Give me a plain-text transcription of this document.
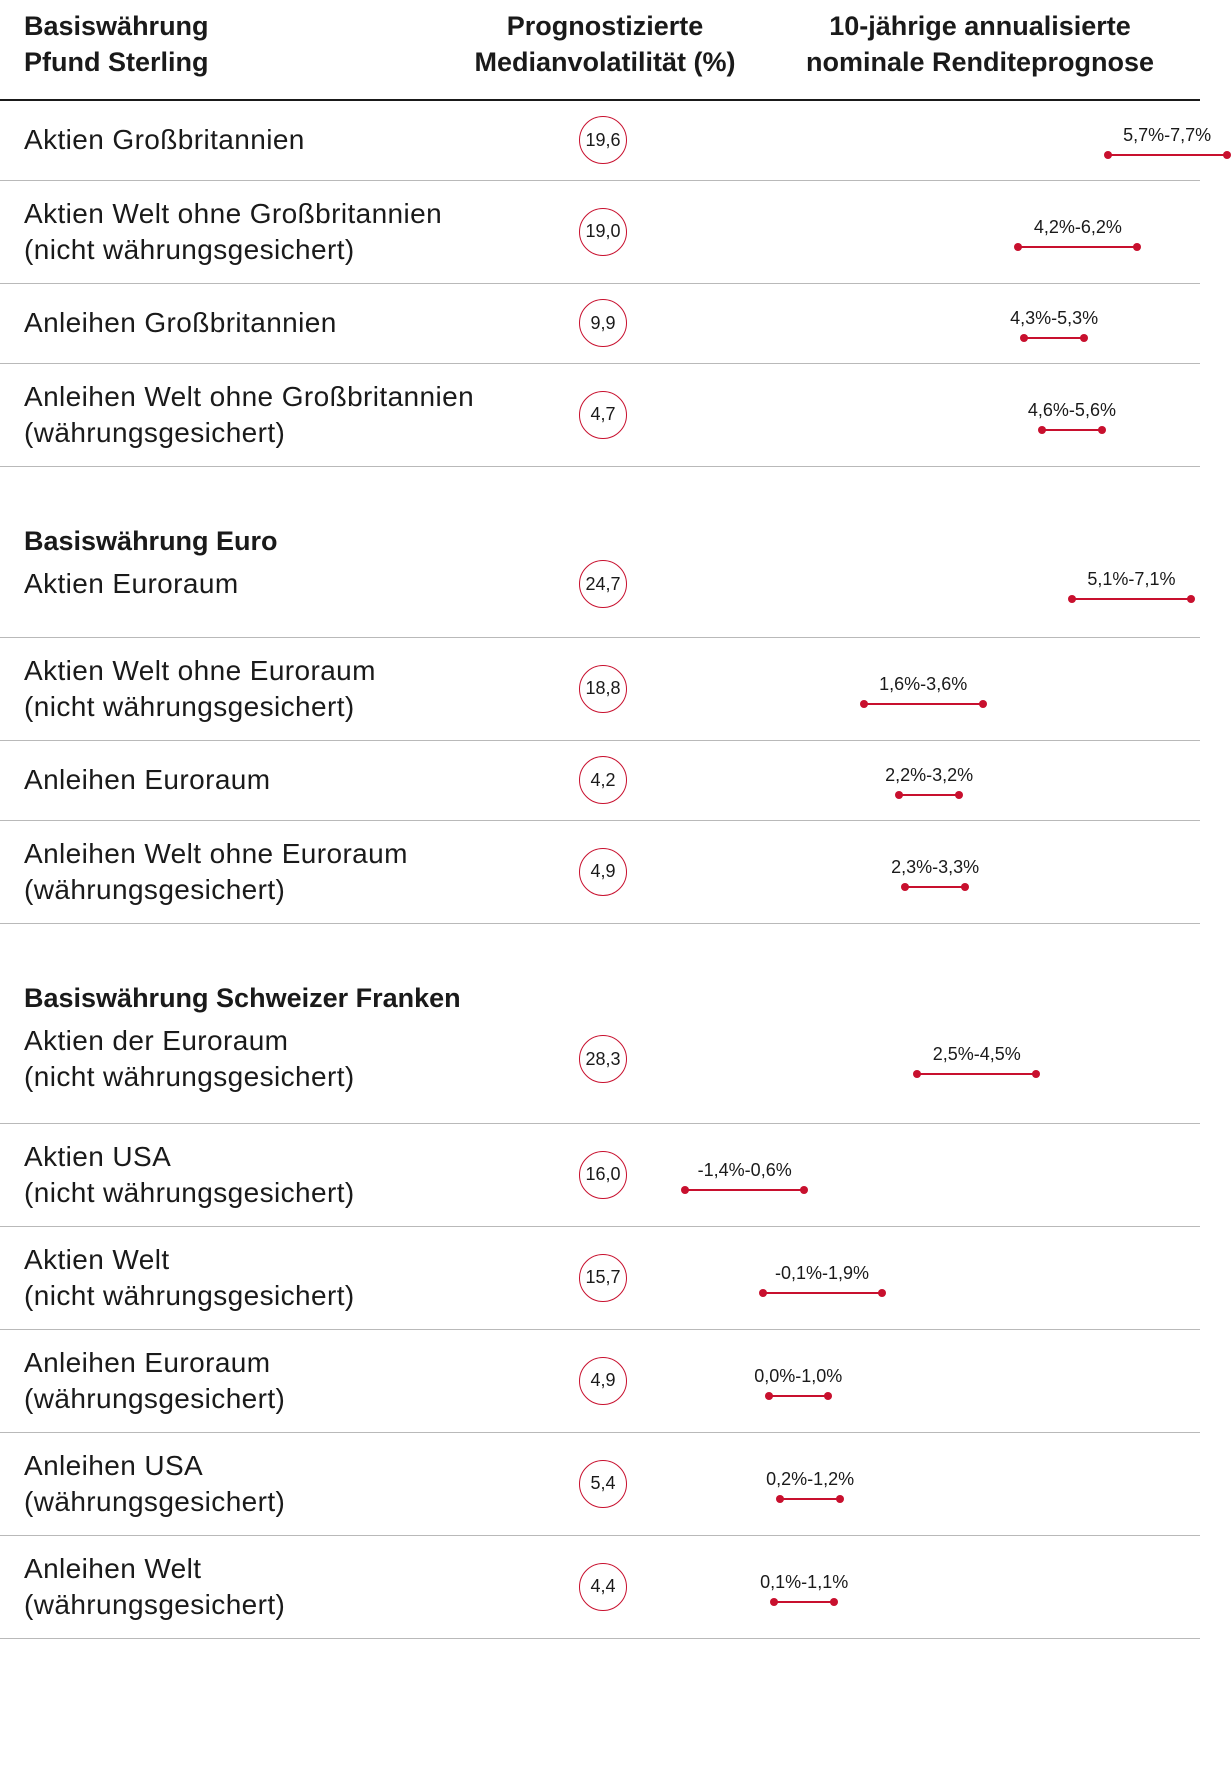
Basiswährung
Pfund Sterling
Prognostizierte
Medianvolatilität (%)
10-jährige annualisierte
nominale Renditeprognose
Aktien Großbritannien	19,6	5,7%-7,7%
Aktien Welt ohne Großbritannien
(nicht währungsgesichert)
19,0	4,2%-6,2%
Anleihen Großbritannien	9,9	4,3%-5,3%
Anleihen Welt ohne Großbritannien
(währungsgesichert)
4,7	4,6%-5,6%
Basiswährung Euro
Aktien Euroraum	24,7	5,1%-7,1%
Aktien Welt ohne Euroraum
(nicht währungsgesichert)
18,8	1,6%-3,6%
Anleihen Euroraum	4,2	2,2%-3,2%
Anleihen Welt ohne Euroraum
(währungsgesichert)
4,9	2,3%-3,3%
Basiswährung Schweizer Franken
Aktien der Euroraum
(nicht währungsgesichert)
28,3	2,5%-4,5%
Aktien USA
(nicht währungsgesichert)
16,0	-1,4%-0,6%
Aktien Welt
(nicht währungsgesichert)
15,7	-0,1%-1,9%
Anleihen Euroraum
(währungsgesichert)
4,9	0,0%-1,0%
Anleihen USA
(währungsgesichert)
5,4	0,2%-1,2%
Anleihen Welt
(währungsgesichert)
4,4	0,1%-1,1%
